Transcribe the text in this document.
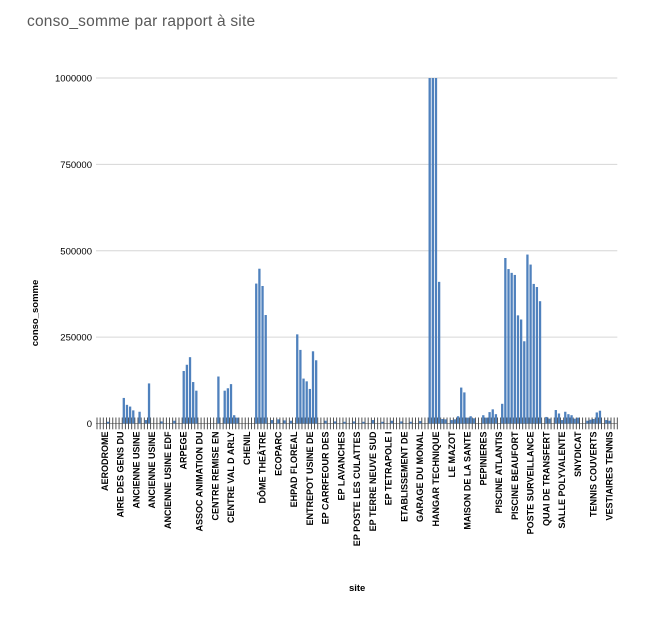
conso_somme par rapport à site
0
250000
500000
750000
1000000
AERODROME AIRE DES GENS DU ANCIENNE USINE ANCIENNE USINE ANCIENNE USINE EDF ARPEGE ASSOC ANIMATION DU CENTRE REMISE EN CENTRE VAL D ARLY CHENIL DÔME THEÂTRE ECOPARC EHPAD FLOREAL ENTREPOT USINE DE EP CARRFEOUR DES EP LAVANCHES EP POSTE LES CULATTES EP TERRE NEUVE SUD EP TETRAPOLE I ETABLISSEMENT DE GARAGE DU MONAL HANGAR TECHNIQUE LE MAZOT MAISON DE LA SANTE PEPINIERES PISCINE ATLANTIS PISCINE BEAUFORT POSTE SURVEILLANCE QUAI DE TRANSFERT SALLE POLYVALENTE SNYDICAT TENNIS COUVERTS VESTIAIRES TENNIS
conso_somme
site
